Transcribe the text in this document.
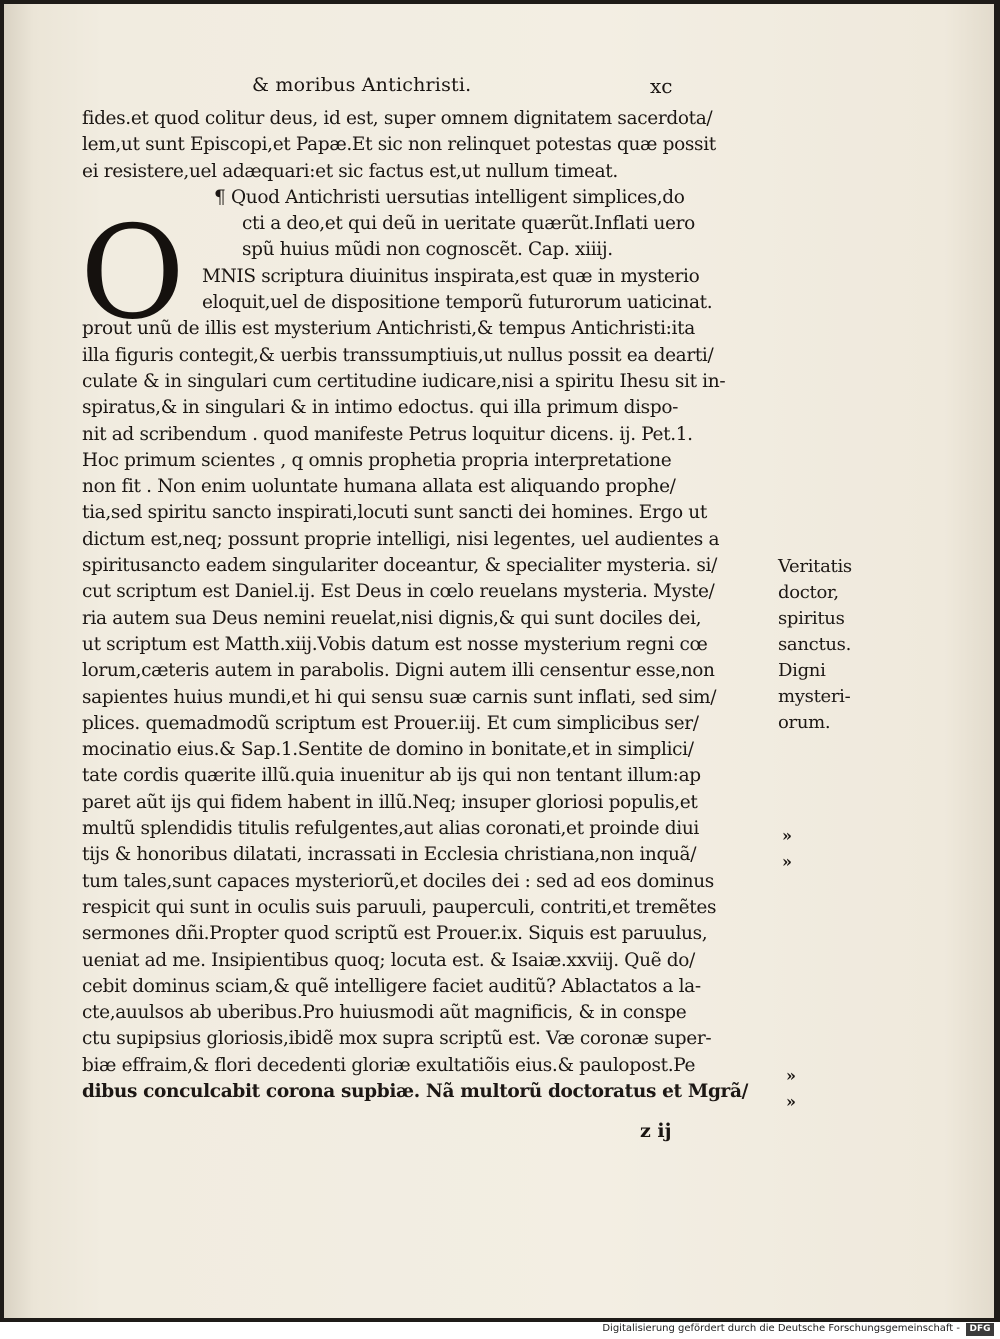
& moribus Antichristi.	xc
O
fides.et quod colitur deus, id est, super omnem dignitatem sacerdota/
lem,ut sunt Episcopi,et Papæ.Et sic non relinquet potestas quæ possit
ei resistere,uel adæquari:et sic factus est,ut nullum timeat.
¶ Quod Antichristi uersutias intelligent simplices,do
cti a deo,et qui deũ in ueritate quærũt.Inflati uero
spũ huius mũdi non cognoscẽt. Cap. xiiij.
MNIS scriptura diuinitus inspirata,est quæ in mysterio
eloquit,uel de dispositione temporũ futurorum uaticinat.
prout unũ de illis est mysterium Antichristi,& tempus Antichristi:ita
illa figuris contegit,& uerbis transsumptiuis,ut nullus possit ea dearti/
culate & in singulari cum certitudine iudicare,nisi a spiritu Ihesu sit in-
spiratus,& in singulari & in intimo edoctus. qui illa primum dispo-
nit ad scribendum . quod manifeste Petrus loquitur dicens. ij. Pet.1.
Hoc primum scientes , q omnis prophetia propria interpretatione
non fit . Non enim uoluntate humana allata est aliquando prophe/
tia,sed spiritu sancto inspirati,locuti sunt sancti dei homines. Ergo ut
dictum est,neq; possunt proprie intelligi, nisi legentes, uel audientes a
spiritusancto eadem singulariter doceantur, & specialiter mysteria. si/
cut scriptum est Daniel.ij. Est Deus in cœlo reuelans mysteria. Myste/
ria autem sua Deus nemini reuelat,nisi dignis,& qui sunt dociles dei,
ut scriptum est Matth.xiij.Vobis datum est nosse mysterium regni cœ
lorum,cæteris autem in parabolis. Digni autem illi censentur esse,non
sapientes huius mundi,et hi qui sensu suæ carnis sunt inflati, sed sim/
plices. quemadmodũ scriptum est Prouer.iij. Et cum simplicibus ser/
mocinatio eius.& Sap.1.Sentite de domino in bonitate,et in simplici/
tate cordis quærite illũ.quia inuenitur ab ijs qui non tentant illum:ap
paret aũt ijs qui fidem habent in illũ.Neq; insuper gloriosi populis,et
multũ splendidis titulis refulgentes,aut alias coronati,et proinde diui
tijs & honoribus dilatati, incrassati in Ecclesia christiana,non inquã/
tum tales,sunt capaces mysteriorũ,et dociles dei : sed ad eos dominus
respicit qui sunt in oculis suis paruuli, pauperculi, contriti,et tremẽtes
sermones dñi.Propter quod scriptũ est Prouer.ix. Siquis est paruulus,
ueniat ad me. Insipientibus quoq; locuta est. & Isaiæ.xxviij. Quẽ do/
cebit dominus sciam,& quẽ intelligere faciet auditũ? Ablactatos a la-
cte,auulsos ab uberibus.Pro huiusmodi aũt magnificis, & in conspe
ctu supipsius gloriosis,ibidẽ mox supra scriptũ est. Væ coronæ super-
biæ effraim,& flori decedenti gloriæ exultatiõis eius.& paulopost.Pe
dibus conculcabit corona supbiæ. Nã multorũ doctoratus et Mgrã/
Veritatis
doctor,
spiritus
sanctus.
Digni
mysteri-
orum.
»
»
»
»
z ij
Digitalisierung gefördert durch die Deutsche Forschungsgemeinschaft -	DFG
